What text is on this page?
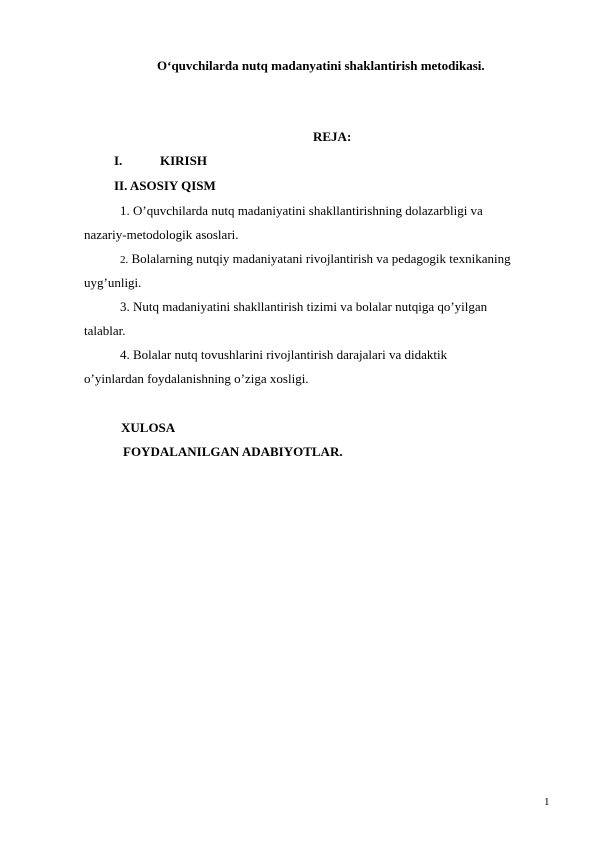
O‘quvchilarda nutq madanyatini shaklantirish metodikasi.
REJA:
I.	KIRISH
II. ASOSIY QISM
1. O’quvchilarda nutq madaniyatini shakllantirishning dolazarbligi va
nazariy-metodologik asoslari.
2. Bolalarning nutqiy madaniyatani rivojlantirish va pedagogik texnikaning
uyg’unligi.
3. Nutq madaniyatini shakllantirish tizimi va bolalar nutqiga qo’yilgan
talablar.
4. Bolalar nutq tovushlarini rivojlantirish darajalari va didaktik
o’yinlardan foydalanishning o’ziga xosligi.
XULOSA
FOYDALANILGAN ADABIYOTLAR.
1
